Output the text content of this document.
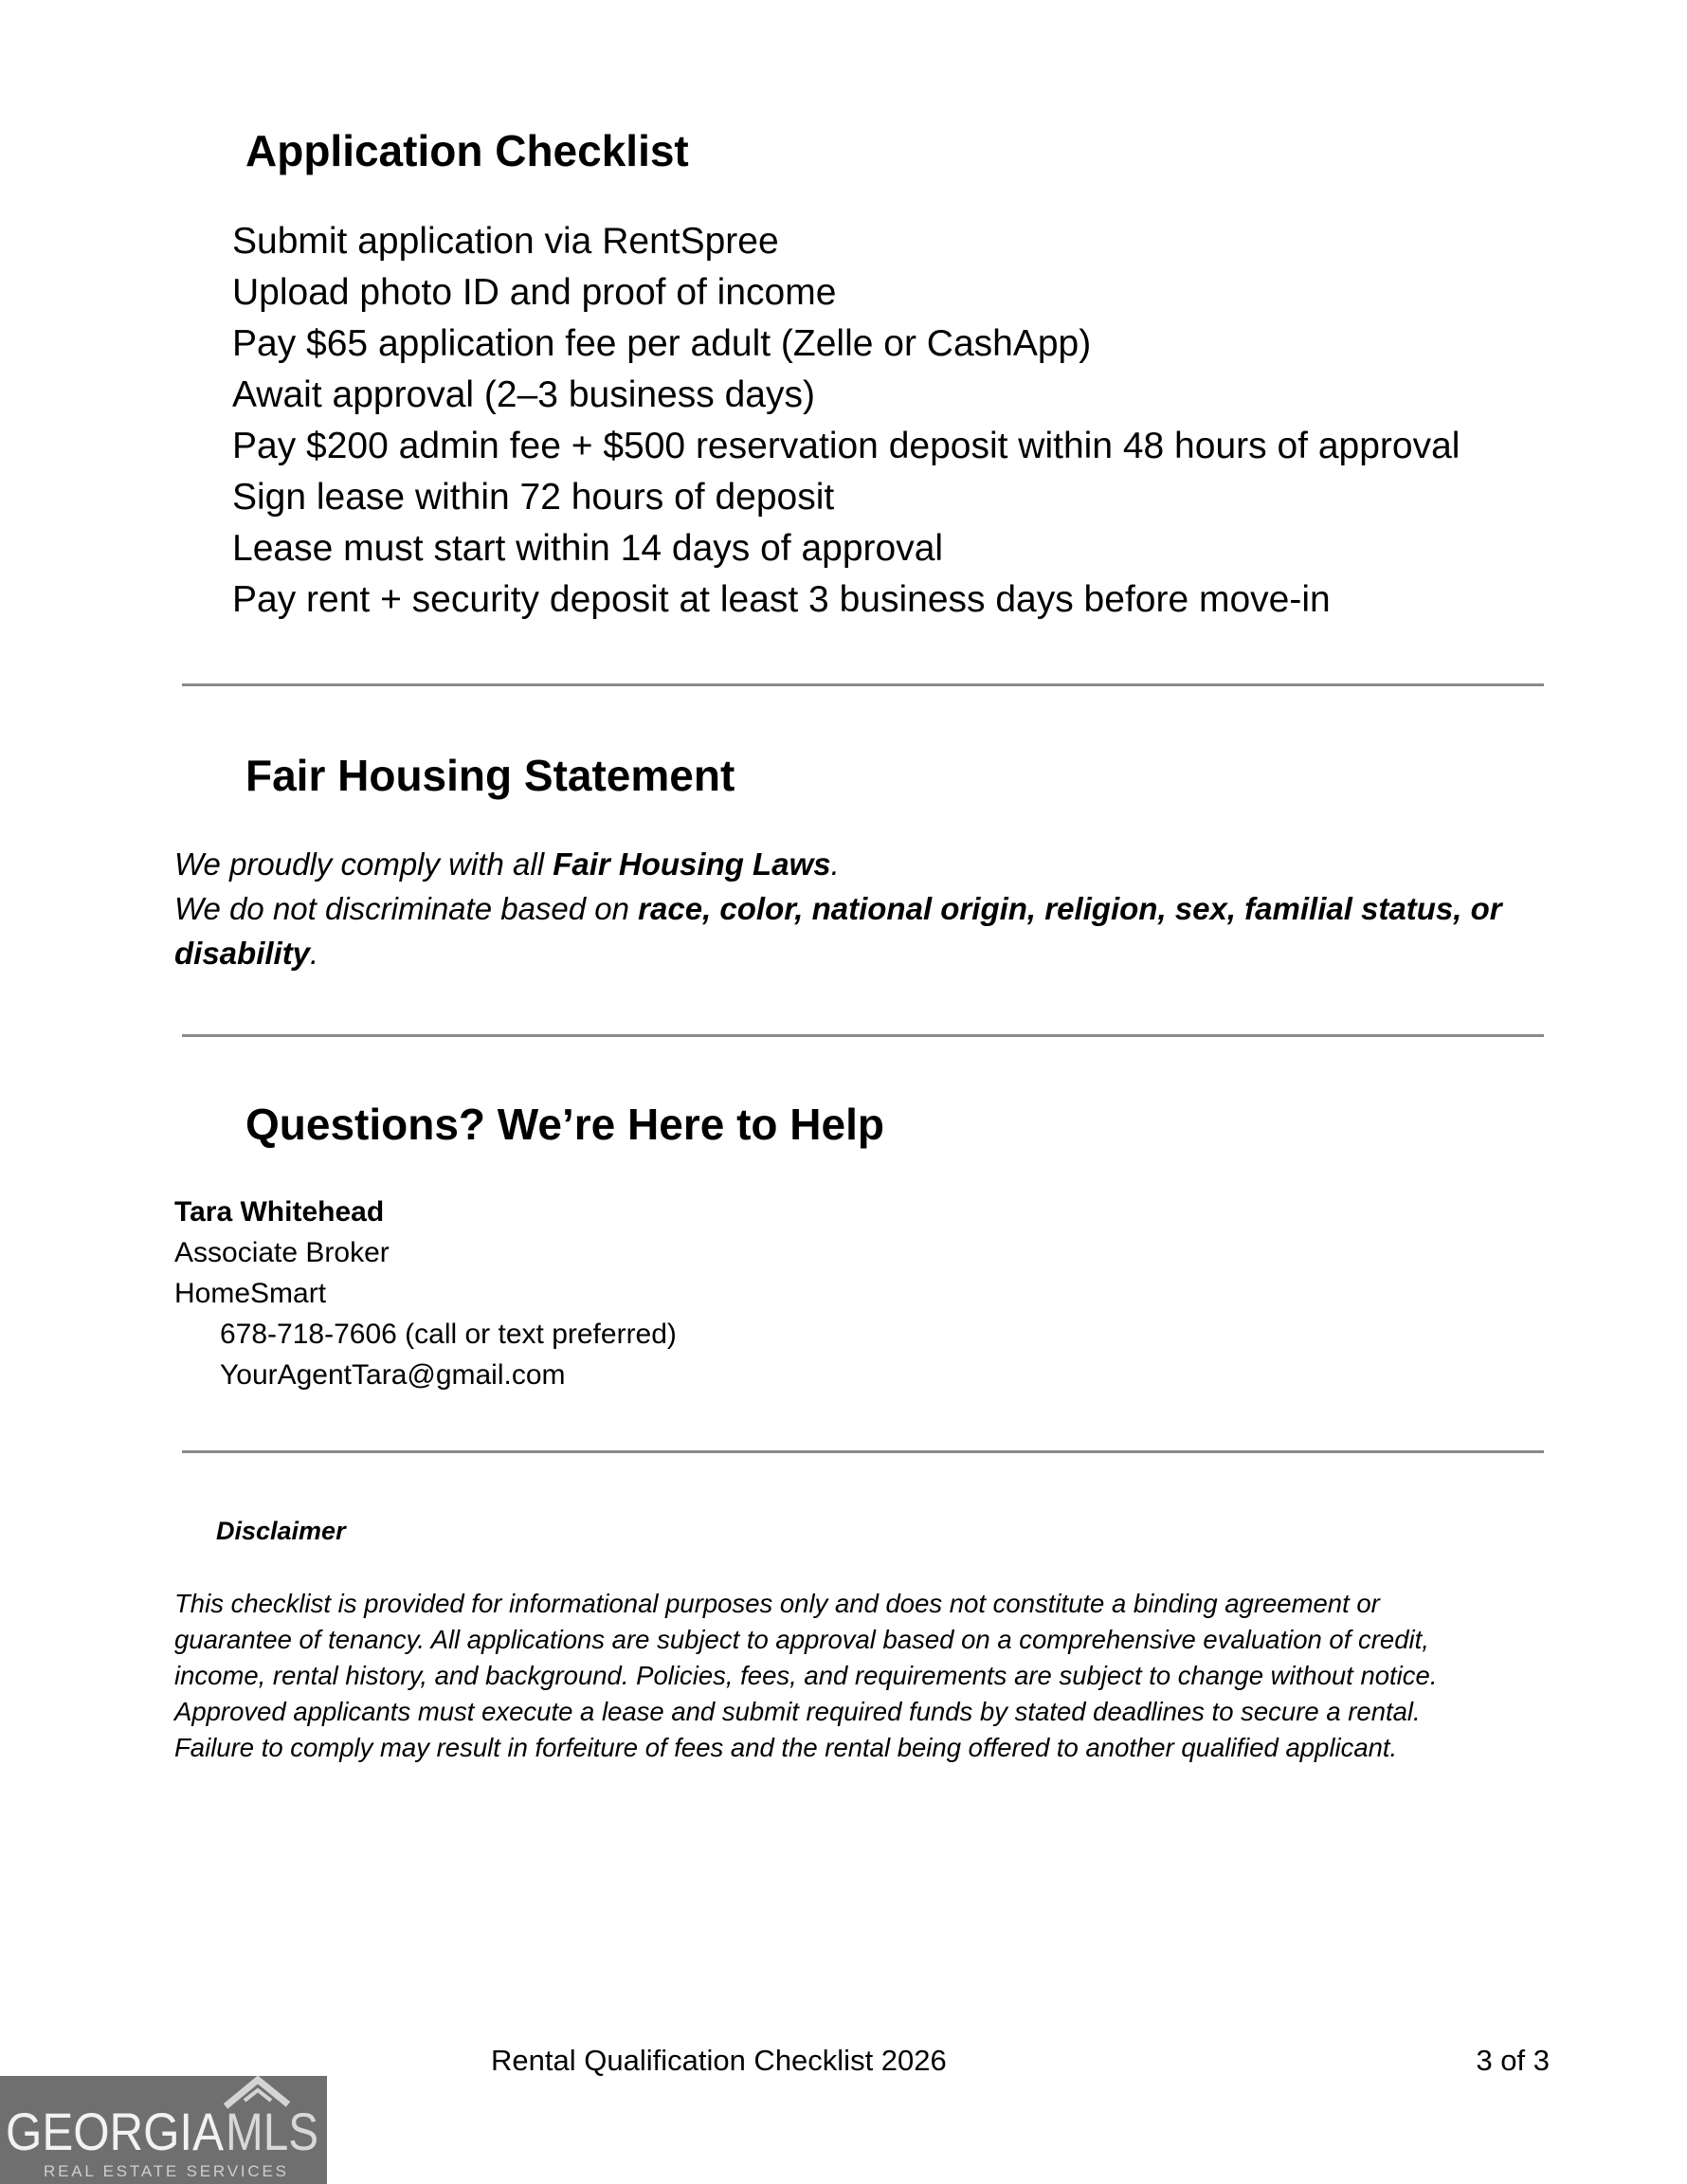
Application Checklist
Submit application via RentSpree
Upload photo ID and proof of income
Pay $65 application fee per adult (Zelle or CashApp)
Await approval (2–3 business days)
Pay $200 admin fee + $500 reservation deposit within 48 hours of approval
Sign lease within 72 hours of deposit
Lease must start within 14 days of approval
Pay rent + security deposit at least 3 business days before move-in
Fair Housing Statement

We proudly comply with all Fair Housing Laws.

We do not discriminate based on race, color, national origin, religion, sex, familial status, or disability.

Questions? We’re Here to Help
Tara Whitehead
Associate Broker
HomeSmart
678-718-7606 (call or text preferred)
YourAgentTara@gmail.com
Disclaimer
This checklist is provided for informational purposes only and does not constitute a binding agreement or
guarantee of tenancy. All applications are subject to approval based on a comprehensive evaluation of credit,
income, rental history, and background. Policies, fees, and requirements are subject to change without notice.
Approved applicants must execute a lease and submit required funds by stated deadlines to secure a rental.
Failure to comply may result in forfeiture of fees and the rental being offered to another qualified applicant.
Rental Qualification Checklist 2026	3 of 3
GEORGIA MLS
REAL ESTATE SERVICES
